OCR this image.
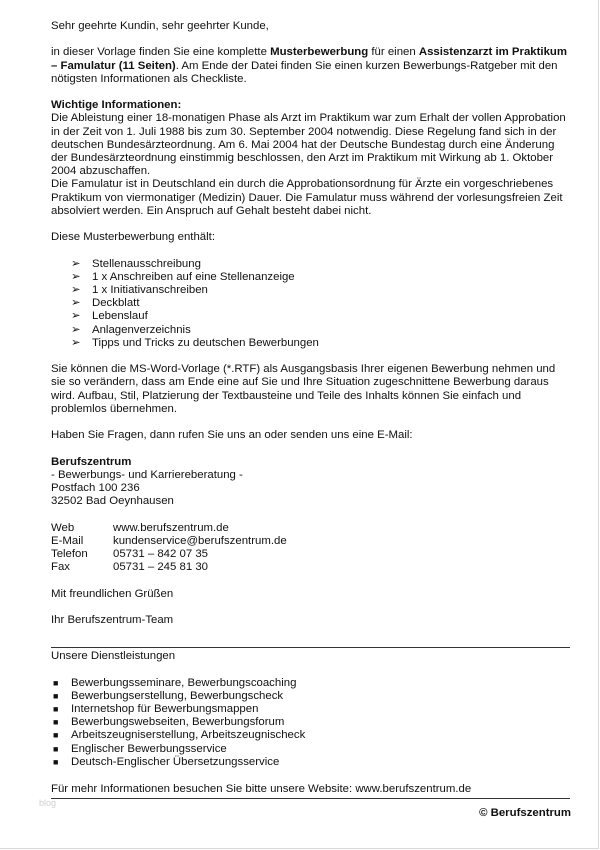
Sehr geehrte Kundin, sehr geehrter Kunde,

in dieser Vorlage finden Sie eine komplette Musterbewerbung für einen Assistenzarzt im Praktikum – Famulatur (11 Seiten). Am Ende der Datei finden Sie einen kurzen Bewerbungs-Ratgeber mit den nötigsten Informationen als Checkliste.

Wichtige Informationen:

Die Ableistung einer 18-monatigen Phase als Arzt im Praktikum war zum Erhalt der vollen Approbation in der Zeit von 1. Juli 1988 bis zum 30. September 2004 notwendig. Diese Regelung fand sich in der deutschen Bundesärzteordnung. Am 6. Mai 2004 hat der Deutsche Bundestag durch eine Änderung der Bundesärzteordnung einstimmig beschlossen, den Arzt im Praktikum mit Wirkung ab 1. Oktober 2004 abzuschaffen.

Die Famulatur ist in Deutschland ein durch die Approbationsordnung für Ärzte ein vorgeschriebenes Praktikum von viermonatiger (Medizin) Dauer. Die Famulatur muss während der vorlesungsfreien Zeit absolviert werden. Ein Anspruch auf Gehalt besteht dabei nicht.

Diese Musterbewerbung enthält:

➢ Stellenausschreibung
➢ 1 x Anschreiben auf eine Stellenanzeige
➢ 1 x Initiativanschreiben
➢ Deckblatt
➢ Lebenslauf
➢ Anlagenverzeichnis
➢ Tipps und Tricks zu deutschen Bewerbungen

Sie können die MS-Word-Vorlage (*.RTF) als Ausgangsbasis Ihrer eigenen Bewerbung nehmen und sie so verändern, dass am Ende eine auf Sie und Ihre Situation zugeschnittene Bewerbung daraus wird. Aufbau, Stil, Platzierung der Textbausteine und Teile des Inhalts können Sie einfach und problemlos übernehmen.

Haben Sie Fragen, dann rufen Sie uns an oder senden uns eine E-Mail:

Berufszentrum

- Bewerbungs- und Karriereberatung -

Postfach 100 236

32502 Bad Oeynhausen

Web	www.berufszentrum.de
E-Mail	kundenservice@berufszentrum.de
Telefon	05731 – 842 07 35
Fax	05731 – 245 81 30

Mit freundlichen Grüßen

Ihr Berufszentrum-Team

Unsere Dienstleistungen

■ Bewerbungsseminare, Bewerbungscoaching
■ Bewerbungserstellung, Bewerbungscheck
■ Internetshop für Bewerbungsmappen
■ Bewerbungswebseiten, Bewerbungsforum
■ Arbeitszeugniserstellung, Arbeitszeugnischeck
■ Englischer Bewerbungsservice
■ Deutsch-Englischer Übersetzungsservice

Für mehr Informationen besuchen Sie bitte unsere Website: www.berufszentrum.de

© Berufszentrum

blog
